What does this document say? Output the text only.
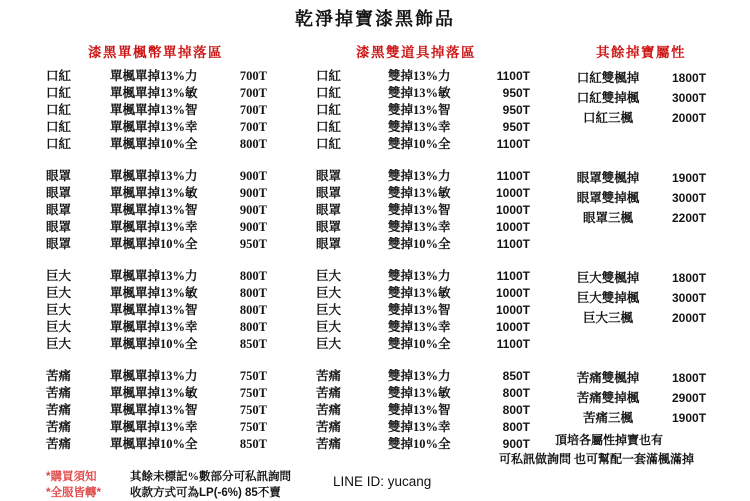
乾淨掉寶漆黑飾品
漆黑單楓幣單掉落區	漆黑雙道具掉落區	其餘掉寶屬性
口紅	單楓單掉13%力	700T
口紅	單楓單掉13%敏	700T
口紅	單楓單掉13%智	700T
口紅	單楓單掉13%幸	700T
口紅	單楓單掉10%全	800T
眼罩	單楓單掉13%力	900T
眼罩	單楓單掉13%敏	900T
眼罩	單楓單掉13%智	900T
眼罩	單楓單掉13%幸	900T
眼罩	單楓單掉10%全	950T
巨大	單楓單掉13%力	800T
巨大	單楓單掉13%敏	800T
巨大	單楓單掉13%智	800T
巨大	單楓單掉13%幸	800T
巨大	單楓單掉10%全	850T
苦痛	單楓單掉13%力	750T
苦痛	單楓單掉13%敏	750T
苦痛	單楓單掉13%智	750T
苦痛	單楓單掉13%幸	750T
苦痛	單楓單掉10%全	850T
口紅	雙掉13%力	1100T
口紅	雙掉13%敏	950T
口紅	雙掉13%智	950T
口紅	雙掉13%幸	950T
口紅	雙掉10%全	1100T
眼罩	雙掉13%力	1100T
眼罩	雙掉13%敏	1000T
眼罩	雙掉13%智	1000T
眼罩	雙掉13%幸	1000T
眼罩	雙掉10%全	1100T
巨大	雙掉13%力	1100T
巨大	雙掉13%敏	1000T
巨大	雙掉13%智	1000T
巨大	雙掉13%幸	1000T
巨大	雙掉10%全	1100T
苦痛	雙掉13%力	850T
苦痛	雙掉13%敏	800T
苦痛	雙掉13%智	800T
苦痛	雙掉13%幸	800T
苦痛	雙掉10%全	900T
口紅雙楓掉	1800T
口紅雙掉楓	3000T
口紅三楓	2000T
眼罩雙楓掉	1900T
眼罩雙掉楓	3000T
眼罩三楓	2200T
巨大雙楓掉	1800T
巨大雙掉楓	3000T
巨大三楓	2000T
苦痛雙楓掉	1800T
苦痛雙掉楓	2900T
苦痛三楓	1900T
頂培各屬性掉寶也有
可私訊做詢問 也可幫配一套滿楓滿掉
*購買須知
*全服皆轉*
其餘未標記%數部分可私訊詢問
收款方式可為LP(-6%) 85不賣
LINE ID: yucang
